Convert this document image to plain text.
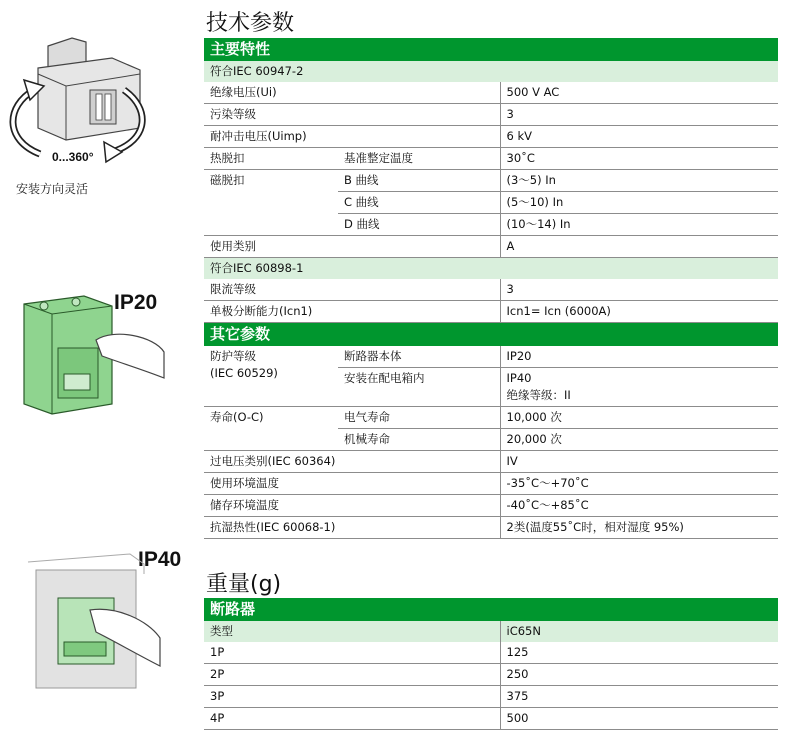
0...360°
安装方向灵活
IP20
IP40
技术参数
主要特性		
符合IEC 60947-2		
绝缘电压(Ui)		500 V AC
污染等级		3
耐冲击电压(Uimp)		6 kV
热脱扣	基准整定温度	30˚C
磁脱扣	B 曲线	(3～5) In
	C 曲线	(5～10) In
	D 曲线	(10～14) In
使用类别		A
符合IEC 60898-1		
限流等级		3
单极分断能力(Icn1)		Icn1= Icn (6000A)
其它参数		
防护等级
(IEC 60529)	断路器本体	IP20
	安装在配电箱内	IP40
绝缘等级：II
寿命(O-C)	电气寿命	10,000 次
	机械寿命	20,000 次
过电压类别(IEC 60364)		IV
使用环境温度		-35˚C～+70˚C
储存环境温度		-40˚C～+85˚C
抗湿热性(IEC 60068-1)		2类(温度55˚C时，相对湿度 95%)
重量(g)
断路器	
类型	iC65N
1P	125
2P	250
3P	375
4P	500
